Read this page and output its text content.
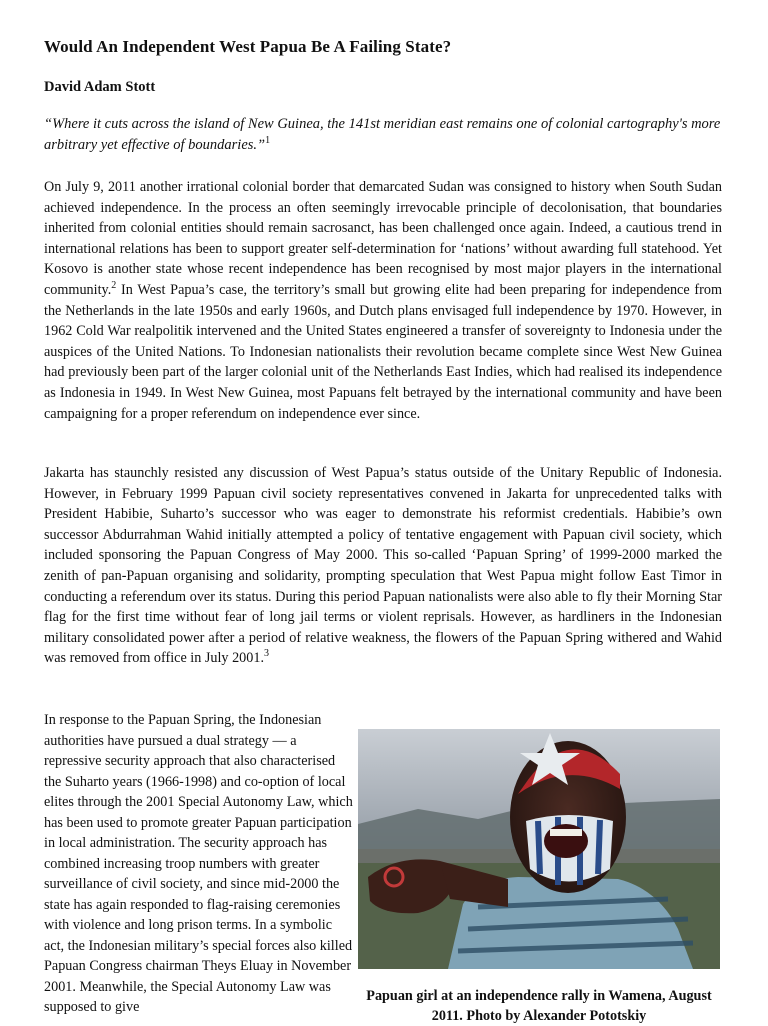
Would An Independent West Papua Be A Failing State?

David Adam Stott

“Where it cuts across the island of New Guinea, the 141st meridian east remains one of colonial cartography's more arbitrary yet effective of boundaries.”$^1$

On July 9, 2011 another irrational colonial border that demarcated Sudan was consigned to history when South Sudan achieved independence. In the process an often seemingly irrevocable principle of decolonisation, that boundaries inherited from colonial entities should remain sacrosanct, has been challenged once again. Indeed, a cautious trend in international relations has been to support greater self-determination for ‘nations’ without awarding full statehood. Yet Kosovo is another state whose recent independence has been recognised by most major players in the international community.$^2$ In West Papua’s case, the territory’s small but growing elite had been preparing for independence from the Netherlands in the late 1950s and early 1960s, and Dutch plans envisaged full independence by 1970. However, in 1962 Cold War realpolitik intervened and the United States engineered a transfer of sovereignty to Indonesia under the auspices of the United Nations. To Indonesian nationalists their revolution became complete since West New Guinea had previously been part of the larger colonial unit of the Netherlands East Indies, which had realised its independence as Indonesia in 1949. In West New Guinea, most Papuans felt betrayed by the international community and have been campaigning for a proper referendum on independence ever since.

Jakarta has staunchly resisted any discussion of West Papua’s status outside of the Unitary Republic of Indonesia. However, in February 1999 Papuan civil society representatives convened in Jakarta for unprecedented talks with President Habibie, Suharto’s successor who was eager to demonstrate his reformist credentials. Habibie’s own successor Abdurrahman Wahid initially attempted a policy of tentative engagement with Papuan civil society, which included sponsoring the Papuan Congress of May 2000. This so-called ‘Papuan Spring’ of 1999-2000 marked the zenith of pan-Papuan organising and solidarity, prompting speculation that West Papua might follow East Timor in conducting a referendum over its status. During this period Papuan nationalists were also able to fly their Morning Star flag for the first time without fear of long jail terms or violent reprisals. However, as hardliners in the Indonesian military consolidated power after a period of relative weakness, the flowers of the Papuan Spring withered and Wahid was removed from office in July 2001.$^3$

In response to the Papuan Spring, the Indonesian authorities have pursued a dual strategy — a repressive security approach that also characterised the Suharto years (1966-1998) and co-option of local elites through the 2001 Special Autonomy Law, which has been used to promote greater Papuan participation in local administration. The security approach has combined increasing troop numbers with greater surveillance of civil society, and since mid-2000 the state has again responded to flag-raising ceremonies with violence and long prison terms. In a symbolic act, the Indonesian military’s special forces also killed Papuan Congress chairman Theys Eluay in November 2001. Meanwhile, the Special Autonomy Law was supposed to give

Papuan girl at an independence rally in Wamena, August 2011. Photo by Alexander Pototskiy
